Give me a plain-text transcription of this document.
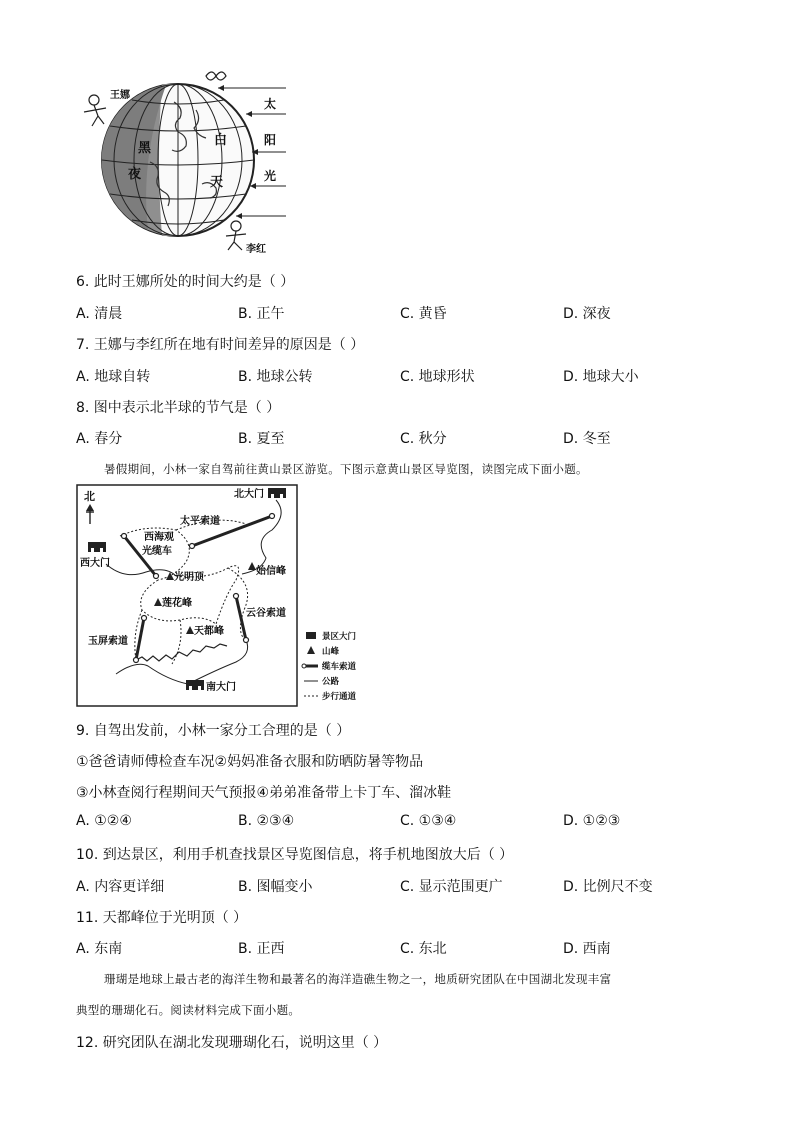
黑
夜
白
天
太
阳
光
王娜
李红
6. 此时王娜所处的时间大约是（ ）
A. 清晨	B. 正午	C. 黄昏	D. 深夜
7. 王娜与李红所在地有时间差异的原因是（ ）
A. 地球自转	B. 地球公转	C. 地球形状	D. 地球大小
8. 图中表示北半球的节气是（ ）
A. 春分	B. 夏至	C. 秋分	D. 冬至
暑假期间，小林一家自驾前往黄山景区游览。下图示意黄山景区导览图，读图完成下面小题。
北	北大门
西大门
南大门
太平索道
西海观
光缆车
云谷索道
玉屏索道
光明顶
始信峰
莲花峰
天都峰	景区大门
山峰
缆车索道
公路
步行通道
9. 自驾出发前，小林一家分工合理的是（ ）
①爸爸请师傅检查车况②妈妈准备衣服和防晒防暑等物品
③小林查阅行程期间天气预报④弟弟准备带上卡丁车、溜冰鞋
A. ①②④	B. ②③④	C. ①③④	D. ①②③
10. 到达景区，利用手机查找景区导览图信息，将手机地图放大后（ ）
A. 内容更详细	B. 图幅变小	C. 显示范围更广	D. 比例尺不变
11. 天都峰位于光明顶（ ）
A. 东南	B. 正西	C. 东北	D. 西南
珊瑚是地球上最古老的海洋生物和最著名的海洋造礁生物之一，地质研究团队在中国湖北发现丰富
典型的珊瑚化石。阅读材料完成下面小题。
12. 研究团队在湖北发现珊瑚化石，说明这里（ ）
